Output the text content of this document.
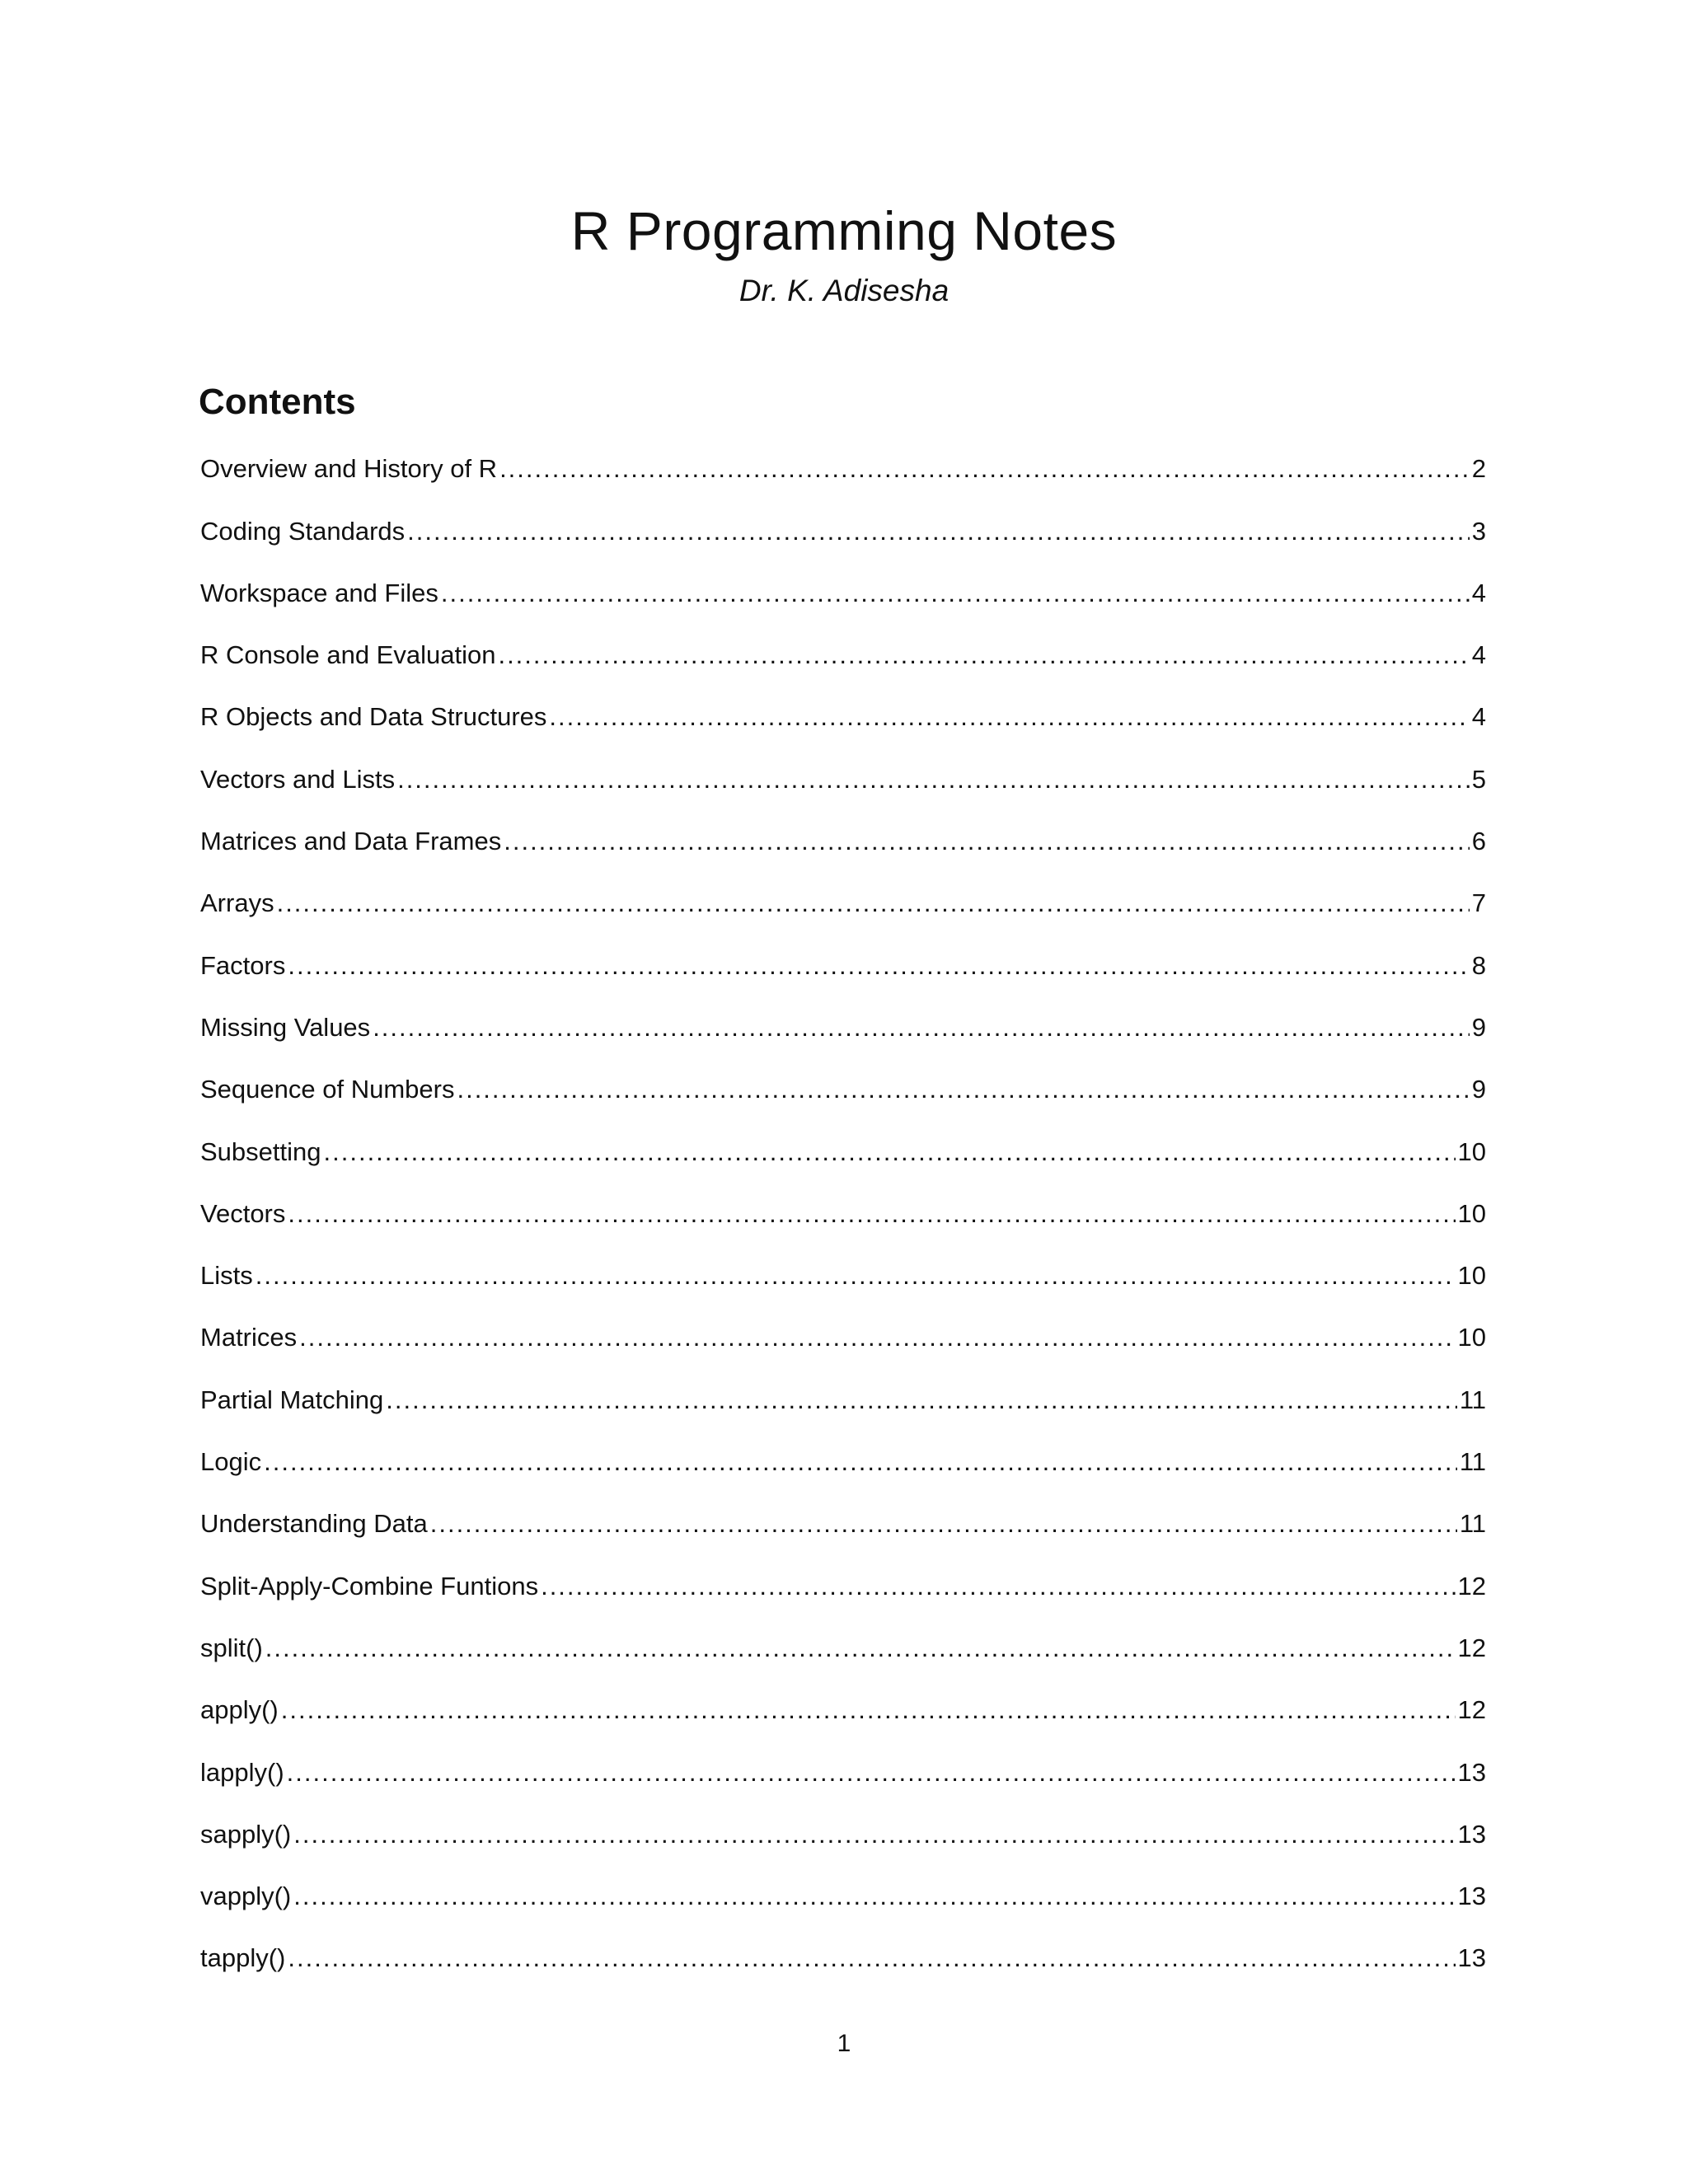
R Programming Notes

Dr. K. Adisesha

Contents
Overview and History of R .....	2
Coding Standards .....	3
Workspace and Files .....	4
R Console and Evaluation .....	4
R Objects and Data Structures .....	4
Vectors and Lists .....	5
Matrices and Data Frames .....	6
Arrays .....	7
Factors .....	8
Missing Values .....	9
Sequence of Numbers .....	9
Subsetting .....	10
Vectors .....	10
Lists .....	10
Matrices .....	10
Partial Matching .....	11
Logic .....	11
Understanding Data .....	11
Split-Apply-Combine Funtions .....	12
split() .....	12
apply() .....	12
lapply() .....	13
sapply() .....	13
vapply() .....	13
tapply() .....	13

1
